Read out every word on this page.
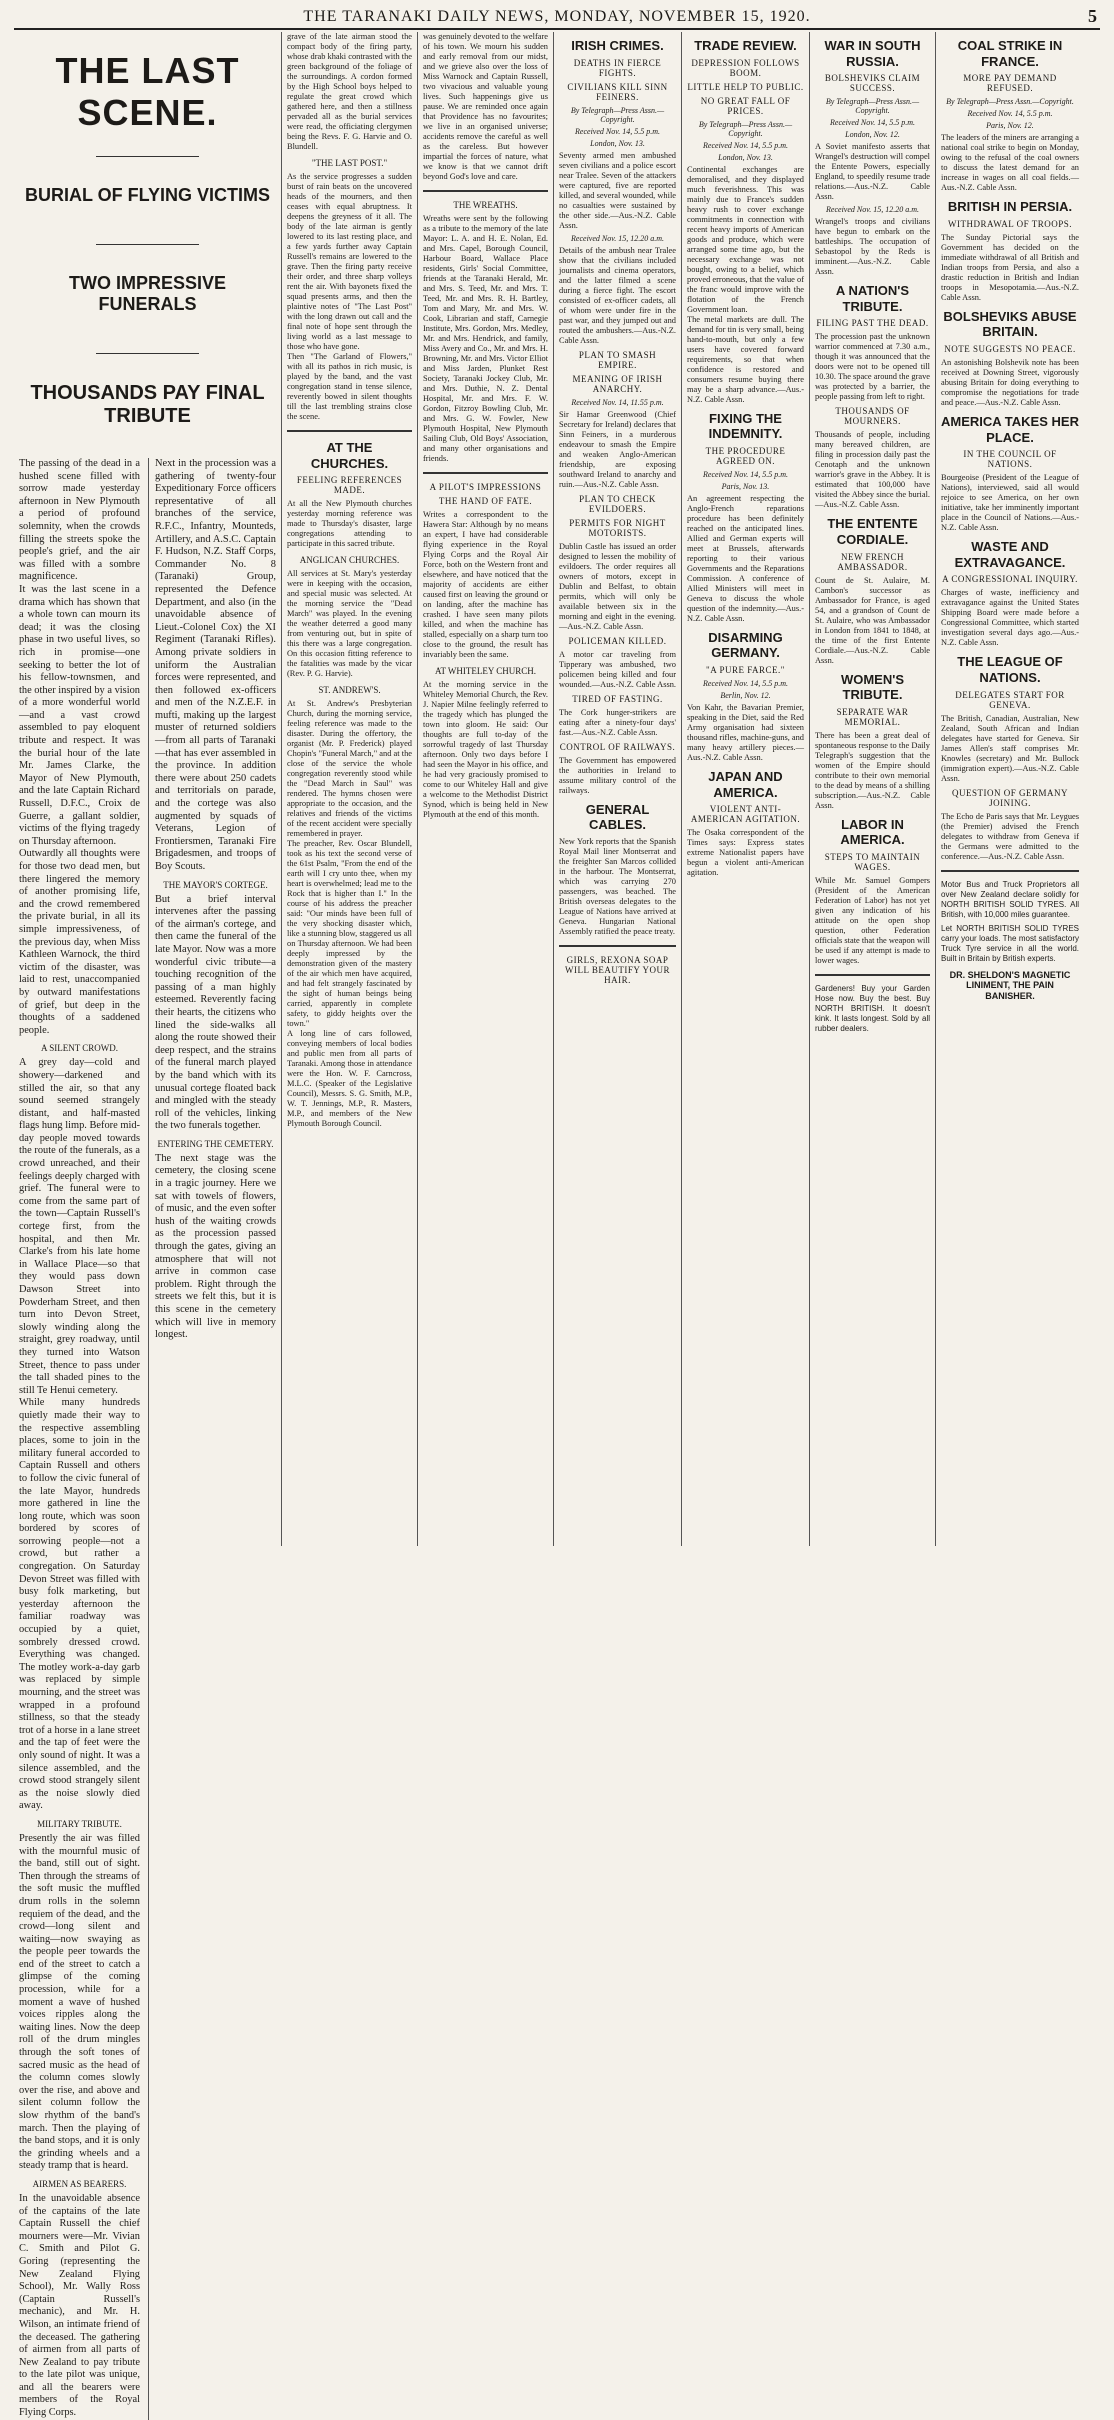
THE TARANAKI DAILY NEWS, MONDAY, NOVEMBER 15, 1920.	5
THE LAST SCENE.
BURIAL OF FLYING VICTIMS
TWO IMPRESSIVE FUNERALS
THOUSANDS PAY FINAL TRIBUTE

The passing of the dead in a hushed scene filled with sorrow made yesterday afternoon in New Plymouth a period of profound solemnity, when the crowds filling the streets spoke the people's grief, and the air was filled with a sombre magnificence.

It was the last scene in a drama which has shown that a whole town can mourn its dead; it was the closing phase in two useful lives, so rich in promise—one seeking to better the lot of his fellow-townsmen, and the other inspired by a vision of a more wonderful world—and a vast crowd assembled to pay eloquent tribute and respect. It was the burial hour of the late Mr. James Clarke, the Mayor of New Plymouth, and the late Captain Richard Russell, D.F.C., Croix de Guerre, a gallant soldier, victims of the flying tragedy on Thursday afternoon.

Outwardly all thoughts were for those two dead men, but there lingered the memory of another promising life, and the crowd remembered the private burial, in all its simple impressiveness, of the previous day, when Miss Kathleen Warnock, the third victim of the disaster, was laid to rest, unaccompanied by outward manifestations of grief, but deep in the thoughts of a saddened people.

A SILENT CROWD.

A grey day—cold and showery—darkened and stilled the air, so that any sound seemed strangely distant, and half-masted flags hung limp. Before mid-day people moved towards the route of the funerals, as a crowd unreached, and their feelings deeply charged with grief. The funeral were to come from the same part of the town—Captain Russell's cortege first, from the hospital, and then Mr. Clarke's from his late home in Wallace Place—so that they would pass down Dawson Street into Powderham Street, and then turn into Devon Street, slowly winding along the straight, grey roadway, until they turned into Watson Street, thence to pass under the tall shaded pines to the still Te Henui cemetery.

While many hundreds quietly made their way to the respective assembling places, some to join in the military funeral accorded to Captain Russell and others to follow the civic funeral of the late Mayor, hundreds more gathered in line the long route, which was soon bordered by scores of sorrowing people—not a crowd, but rather a congregation. On Saturday Devon Street was filled with busy folk marketing, but yesterday afternoon the familiar roadway was occupied by a quiet, sombrely dressed crowd. Everything was changed. The motley work-a-day garb was replaced by simple mourning, and the street was wrapped in a profound stillness, so that the steady trot of a horse in a lane street and the tap of feet were the only sound of night. It was a silence assembled, and the crowd stood strangely silent as the noise slowly died away.

MILITARY TRIBUTE.

Presently the air was filled with the mournful music of the band, still out of sight. Then through the streams of the soft music the muffled drum rolls in the solemn requiem of the dead, and the crowd—long silent and waiting—now swaying as the people peer towards the end of the street to catch a glimpse of the coming procession, while for a moment a wave of hushed voices ripples along the waiting lines. Now the deep roll of the drum mingles through the soft tones of sacred music as the head of the column comes slowly over the rise, and above and silent column follow the slow rhythm of the band's march. Then the playing of the band stops, and it is only the grinding wheels and a steady tramp that is heard.

AIRMEN AS BEARERS.

In the unavoidable absence of the captains of the late Captain Russell the chief mourners were—Mr. Vivian C. Smith and Pilot G. Goring (representing the New Zealand Flying School), Mr. Wally Ross (Captain Russell's mechanic), and Mr. H. Wilson, an intimate friend of the deceased. The gathering of airmen from all parts of New Zealand to pay tribute to the late pilot was unique, and all the bearers were members of the Royal Flying Corps.

Next in the procession was a gathering of twenty-four Expeditionary Force officers representative of all branches of the service, R.F.C., Infantry, Mounteds, Artillery, and A.S.C. Captain F. Hudson, N.Z. Staff Corps, Commander No. 8 (Taranaki) Group, represented the Defence Department, and also (in the unavoidable absence of Lieut.-Colonel Cox) the XI Regiment (Taranaki Rifles). Among private soldiers in uniform the Australian forces were represented, and then followed ex-officers and men of the N.Z.E.F. in mufti, making up the largest muster of returned soldiers—from all parts of Taranaki—that has ever assembled in the province. In addition there were about 250 cadets and territorials on parade, and the cortege was also augmented by squads of Veterans, Legion of Frontiersmen, Taranaki Fire Brigadesmen, and troops of Boy Scouts.

THE MAYOR'S CORTEGE.

But a brief interval intervenes after the passing of the airman's cortege, and then came the funeral of the late Mayor. Now was a more wonderful civic tribute—a touching recognition of the passing of a man highly esteemed. Reverently facing their hearts, the citizens who lined the side-walks all along the route showed their deep respect, and the strains of the funeral march played by the band which with its unusual cortege floated back and mingled with the steady roll of the vehicles, linking the two funerals together.

ENTERING THE CEMETERY.

The next stage was the cemetery, the closing scene in a tragic journey. Here we sat with towels of flowers, of music, and the even softer hush of the waiting crowds as the procession passed through the gates, giving an atmosphere that will not arrive in common case problem. Right through the streets we felt this, but it is this scene in the cemetery which will live in memory longest.

grave of the late airman stood the compact body of the firing party, whose drab khaki contrasted with the green background of the foliage of the surroundings. A cordon formed by the High School boys helped to regulate the great crowd which gathered here, and then a stillness pervaded all as the burial services were read, the officiating clergymen being the Revs. F. G. Harvie and O. Blundell.

"THE LAST POST."

As the service progresses a sudden burst of rain beats on the uncovered heads of the mourners, and then ceases with equal abruptness. It deepens the greyness of it all. The body of the late airman is gently lowered to its last resting place, and a few yards further away Captain Russell's remains are lowered to the grave. Then the firing party receive their order, and three sharp volleys rent the air. With bayonets fixed the squad presents arms, and then the plaintive notes of "The Last Post" with the long drawn out call and the final note of hope sent through the living world as a last message to those who have gone.

Then "The Garland of Flowers," with all its pathos in rich music, is played by the band, and the vast congregation stand in tense silence, reverently bowed in silent thoughts till the last trembling strains close the scene.

AT THE CHURCHES.
FEELING REFERENCES MADE.

At all the New Plymouth churches yesterday morning reference was made to Thursday's disaster, large congregations attending to participate in this sacred tribute.

ANGLICAN CHURCHES.

All services at St. Mary's yesterday were in keeping with the occasion, and special music was selected. At the morning service the "Dead March" was played. In the evening the weather deterred a good many from venturing out, but in spite of this there was a large congregation. On this occasion fitting reference to the fatalities was made by the vicar (Rev. P. G. Harvie).

ST. ANDREW'S.

At St. Andrew's Presbyterian Church, during the morning service, feeling reference was made to the disaster. During the offertory, the organist (Mr. P. Frederick) played Chopin's "Funeral March," and at the close of the service the whole congregation reverently stood while the "Dead March in Saul" was rendered. The hymns chosen were appropriate to the occasion, and the relatives and friends of the victims of the recent accident were specially remembered in prayer.

The preacher, Rev. Oscar Blundell, took as his text the second verse of the 61st Psalm, "From the end of the earth will I cry unto thee, when my heart is overwhelmed; lead me to the Rock that is higher than I." In the course of his address the preacher said: "Our minds have been full of the very shocking disaster which, like a stunning blow, staggered us all on Thursday afternoon. We had been deeply impressed by the demonstration given of the mastery of the air which men have acquired, and had felt strangely fascinated by the sight of human beings being carried, apparently in complete safety, to giddy heights over the town."

A long line of cars followed, conveying members of local bodies and public men from all parts of Taranaki. Among those in attendance were the Hon. W. F. Carncross, M.L.C. (Speaker of the Legislative Council), Messrs. S. G. Smith, M.P., W. T. Jennings, M.P., R. Masters, M.P., and members of the New Plymouth Borough Council.

was genuinely devoted to the welfare of his town. We mourn his sudden and early removal from our midst, and we grieve also over the loss of Miss Warnock and Captain Russell, two vivacious and valuable young lives. Such happenings give us pause. We are reminded once again that Providence has no favourites; we live in an organised universe; accidents remove the careful as well as the careless. But however impartial the forces of nature, what we know is that we cannot drift beyond God's love and care.

THE WREATHS.

Wreaths were sent by the following as a tribute to the memory of the late Mayor: L. A. and H. E. Nolan, Ed. and Mrs. Capel, Borough Council, Harbour Board, Wallace Place residents, Girls' Social Committee, friends at the Taranaki Herald, Mr. and Mrs. S. Teed, Mr. and Mrs. T. Teed, Mr. and Mrs. R. H. Bartley, Tom and Mary, Mr. and Mrs. W. Cook, Librarian and staff, Carnegie Institute, Mrs. Gordon, Mrs. Medley, Mr. and Mrs. Hendrick, and family, Miss Avery and Co., Mr. and Mrs. H. Browning, Mr. and Mrs. Victor Elliot and Miss Jarden, Plunket Rest Society, Taranaki Jockey Club, Mr. and Mrs. Duthie, N. Z. Dental Hospital, Mr. and Mrs. F. W. Gordon, Fitzroy Bowling Club, Mr. and Mrs. G. W. Fowler, New Plymouth Hospital, New Plymouth Sailing Club, Old Boys' Association, and many other organisations and friends.

A PILOT'S IMPRESSIONS
THE HAND OF FATE.

Writes a correspondent to the Hawera Star: Although by no means an expert, I have had considerable flying experience in the Royal Flying Corps and the Royal Air Force, both on the Western front and elsewhere, and have noticed that the majority of accidents are either caused first on leaving the ground or on landing, after the machine has crashed. I have seen many pilots killed, and when the machine has stalled, especially on a sharp turn too close to the ground, the result has invariably been the same.

AT WHITELEY CHURCH.

At the morning service in the Whiteley Memorial Church, the Rev. J. Napier Milne feelingly referred to the tragedy which has plunged the town into gloom. He said: Our thoughts are full to-day of the sorrowful tragedy of last Thursday afternoon. Only two days before I had seen the Mayor in his office, and he had very graciously promised to come to our Whiteley Hall and give a welcome to the Methodist District Synod, which is being held in New Plymouth at the end of this month.

IRISH CRIMES.
DEATHS IN FIERCE FIGHTS.
CIVILIANS KILL SINN FEINERS.
By Telegraph—Press Assn.—Copyright.
Received Nov. 14, 5.5 p.m.
London, Nov. 13.

Seventy armed men ambushed seven civilians and a police escort near Tralee. Seven of the attackers were captured, five are reported killed, and several wounded, while no casualties were sustained by the other side.—Aus.-N.Z. Cable Assn.

Received Nov. 15, 12.20 a.m.

Details of the ambush near Tralee show that the civilians included journalists and cinema operators, and the latter filmed a scene during a fierce fight. The escort consisted of ex-officer cadets, all of whom were under fire in the past war, and they jumped out and routed the ambushers.—Aus.-N.Z. Cable Assn.

PLAN TO SMASH EMPIRE.
MEANING OF IRISH ANARCHY.
Received Nov. 14, 11.55 p.m.

Sir Hamar Greenwood (Chief Secretary for Ireland) declares that Sinn Feiners, in a murderous endeavour to smash the Empire and weaken Anglo-American friendship, are exposing southward Ireland to anarchy and ruin.—Aus.-N.Z. Cable Assn.

PLAN TO CHECK EVILDOERS.
PERMITS FOR NIGHT MOTORISTS.

Dublin Castle has issued an order designed to lessen the mobility of evildoers. The order requires all owners of motors, except in Dublin and Belfast, to obtain permits, which will only be available between six in the morning and eight in the evening.—Aus.-N.Z. Cable Assn.

POLICEMAN KILLED.

A motor car traveling from Tipperary was ambushed, two policemen being killed and four wounded.—Aus.-N.Z. Cable Assn.

TIRED OF FASTING.

The Cork hunger-strikers are eating after a ninety-four days' fast.—Aus.-N.Z. Cable Assn.

CONTROL OF RAILWAYS.

The Government has empowered the authorities in Ireland to assume military control of the railways.

GENERAL CABLES.

New York reports that the Spanish Royal Mail liner Montserrat and the freighter San Marcos collided in the harbour. The Montserrat, which was carrying 270 passengers, was beached. The British overseas delegates to the League of Nations have arrived at Geneva. Hungarian National Assembly ratified the peace treaty.

GIRLS, REXONA SOAP WILL BEAUTIFY YOUR HAIR.
TRADE REVIEW.
DEPRESSION FOLLOWS BOOM.
LITTLE HELP TO PUBLIC.
NO GREAT FALL OF PRICES.
By Telegraph—Press Assn.—Copyright.
Received Nov. 14, 5.5 p.m.
London, Nov. 13.

Continental exchanges are demoralised, and they displayed much feverishness. This was mainly due to France's sudden heavy rush to cover exchange commitments in connection with recent heavy imports of American goods and produce, which were arranged some time ago, but the necessary exchange was not bought, owing to a belief, which proved erroneous, that the value of the franc would improve with the flotation of the French Government loan.

The metal markets are dull. The demand for tin is very small, being hand-to-mouth, but only a few users have covered forward requirements, so that when confidence is restored and consumers resume buying there may be a sharp advance.—Aus.-N.Z. Cable Assn.

FIXING THE INDEMNITY.
THE PROCEDURE AGREED ON.
Received Nov. 14, 5.5 p.m.
Paris, Nov. 13.

An agreement respecting the Anglo-French reparations procedure has been definitely reached on the anticipated lines. Allied and German experts will meet at Brussels, afterwards reporting to their various Governments and the Reparations Commission. A conference of Allied Ministers will meet in Geneva to discuss the whole question of the indemnity.—Aus.-N.Z. Cable Assn.

DISARMING GERMANY.
"A PURE FARCE."
Received Nov. 14, 5.5 p.m.
Berlin, Nov. 12.

Von Kahr, the Bavarian Premier, speaking in the Diet, said the Red Army organisation had sixteen thousand rifles, machine-guns, and many heavy artillery pieces.—Aus.-N.Z. Cable Assn.

JAPAN AND AMERICA.
VIOLENT ANTI-AMERICAN AGITATION.

The Osaka correspondent of the Times says: Express states extreme Nationalist papers have begun a violent anti-American agitation.

WAR IN SOUTH RUSSIA.
BOLSHEVIKS CLAIM SUCCESS.
By Telegraph—Press Assn.—Copyright.
Received Nov. 14, 5.5 p.m.
London, Nov. 12.

A Soviet manifesto asserts that Wrangel's destruction will compel the Entente Powers, especially England, to speedily resume trade relations.—Aus.-N.Z. Cable Assn.

Received Nov. 15, 12.20 a.m.

Wrangel's troops and civilians have begun to embark on the battleships. The occupation of Sebastopol by the Reds is imminent.—Aus.-N.Z. Cable Assn.

A NATION'S TRIBUTE.
FILING PAST THE DEAD.

The procession past the unknown warrior commenced at 7.30 a.m., though it was announced that the doors were not to be opened till 10.30. The space around the grave was protected by a barrier, the people passing from left to right.

THOUSANDS OF MOURNERS.

Thousands of people, including many bereaved children, are filing in procession daily past the Cenotaph and the unknown warrior's grave in the Abbey. It is estimated that 100,000 have visited the Abbey since the burial.—Aus.-N.Z. Cable Assn.

THE ENTENTE CORDIALE.
NEW FRENCH AMBASSADOR.

Count de St. Aulaire, M. Cambon's successor as Ambassador for France, is aged 54, and a grandson of Count de St. Aulaire, who was Ambassador in London from 1841 to 1848, at the time of the first Entente Cordiale.—Aus.-N.Z. Cable Assn.

WOMEN'S TRIBUTE.
SEPARATE WAR MEMORIAL.

There has been a great deal of spontaneous response to the Daily Telegraph's suggestion that the women of the Empire should contribute to their own memorial to the dead by means of a shilling subscription.—Aus.-N.Z. Cable Assn.

LABOR IN AMERICA.
STEPS TO MAINTAIN WAGES.

While Mr. Samuel Gompers (President of the American Federation of Labor) has not yet given any indication of his attitude on the open shop question, other Federation officials state that the weapon will be used if any attempt is made to lower wages.

Gardeners! Buy your Garden Hose now. Buy the best. Buy NORTH BRITISH. It doesn't kink. It lasts longest. Sold by all rubber dealers.

COAL STRIKE IN FRANCE.
MORE PAY DEMAND REFUSED.
By Telegraph—Press Assn.—Copyright.
Received Nov. 14, 5.5 p.m.
Paris, Nov. 12.

The leaders of the miners are arranging a national coal strike to begin on Monday, owing to the refusal of the coal owners to discuss the latest demand for an increase in wages on all coal fields.—Aus.-N.Z. Cable Assn.

BRITISH IN PERSIA.
WITHDRAWAL OF TROOPS.

The Sunday Pictorial says the Government has decided on the immediate withdrawal of all British and Indian troops from Persia, and also a drastic reduction in British and Indian troops in Mesopotamia.—Aus.-N.Z. Cable Assn.

BOLSHEVIKS ABUSE BRITAIN.
NOTE SUGGESTS NO PEACE.

An astonishing Bolshevik note has been received at Downing Street, vigorously abusing Britain for doing everything to compromise the negotiations for trade and peace.—Aus.-N.Z. Cable Assn.

AMERICA TAKES HER PLACE.
IN THE COUNCIL OF NATIONS.

Bourgeoise (President of the League of Nations), interviewed, said all would rejoice to see America, on her own initiative, take her imminently important place in the Council of Nations.—Aus.-N.Z. Cable Assn.

WASTE AND EXTRAVAGANCE.
A CONGRESSIONAL INQUIRY.

Charges of waste, inefficiency and extravagance against the United States Shipping Board were made before a Congressional Committee, which started investigation several days ago.—Aus.-N.Z. Cable Assn.

THE LEAGUE OF NATIONS.
DELEGATES START FOR GENEVA.

The British, Canadian, Australian, New Zealand, South African and Indian delegates have started for Geneva. Sir James Allen's staff comprises Mr. Knowles (secretary) and Mr. Bullock (immigration expert).—Aus.-N.Z. Cable Assn.

QUESTION OF GERMANY JOINING.

The Echo de Paris says that Mr. Leygues (the Premier) advised the French delegates to withdraw from Geneva if the Germans were admitted to the conference.—Aus.-N.Z. Cable Assn.

Motor Bus and Truck Proprietors all over New Zealand declare solidly for NORTH BRITISH SOLID TYRES. All British, with 10,000 miles guarantee.

Let NORTH BRITISH SOLID TYRES carry your loads. The most satisfactory Truck Tyre service in all the world. Built in Britain by British experts.

DR. SHELDON'S MAGNETIC LINIMENT, THE PAIN BANISHER.
